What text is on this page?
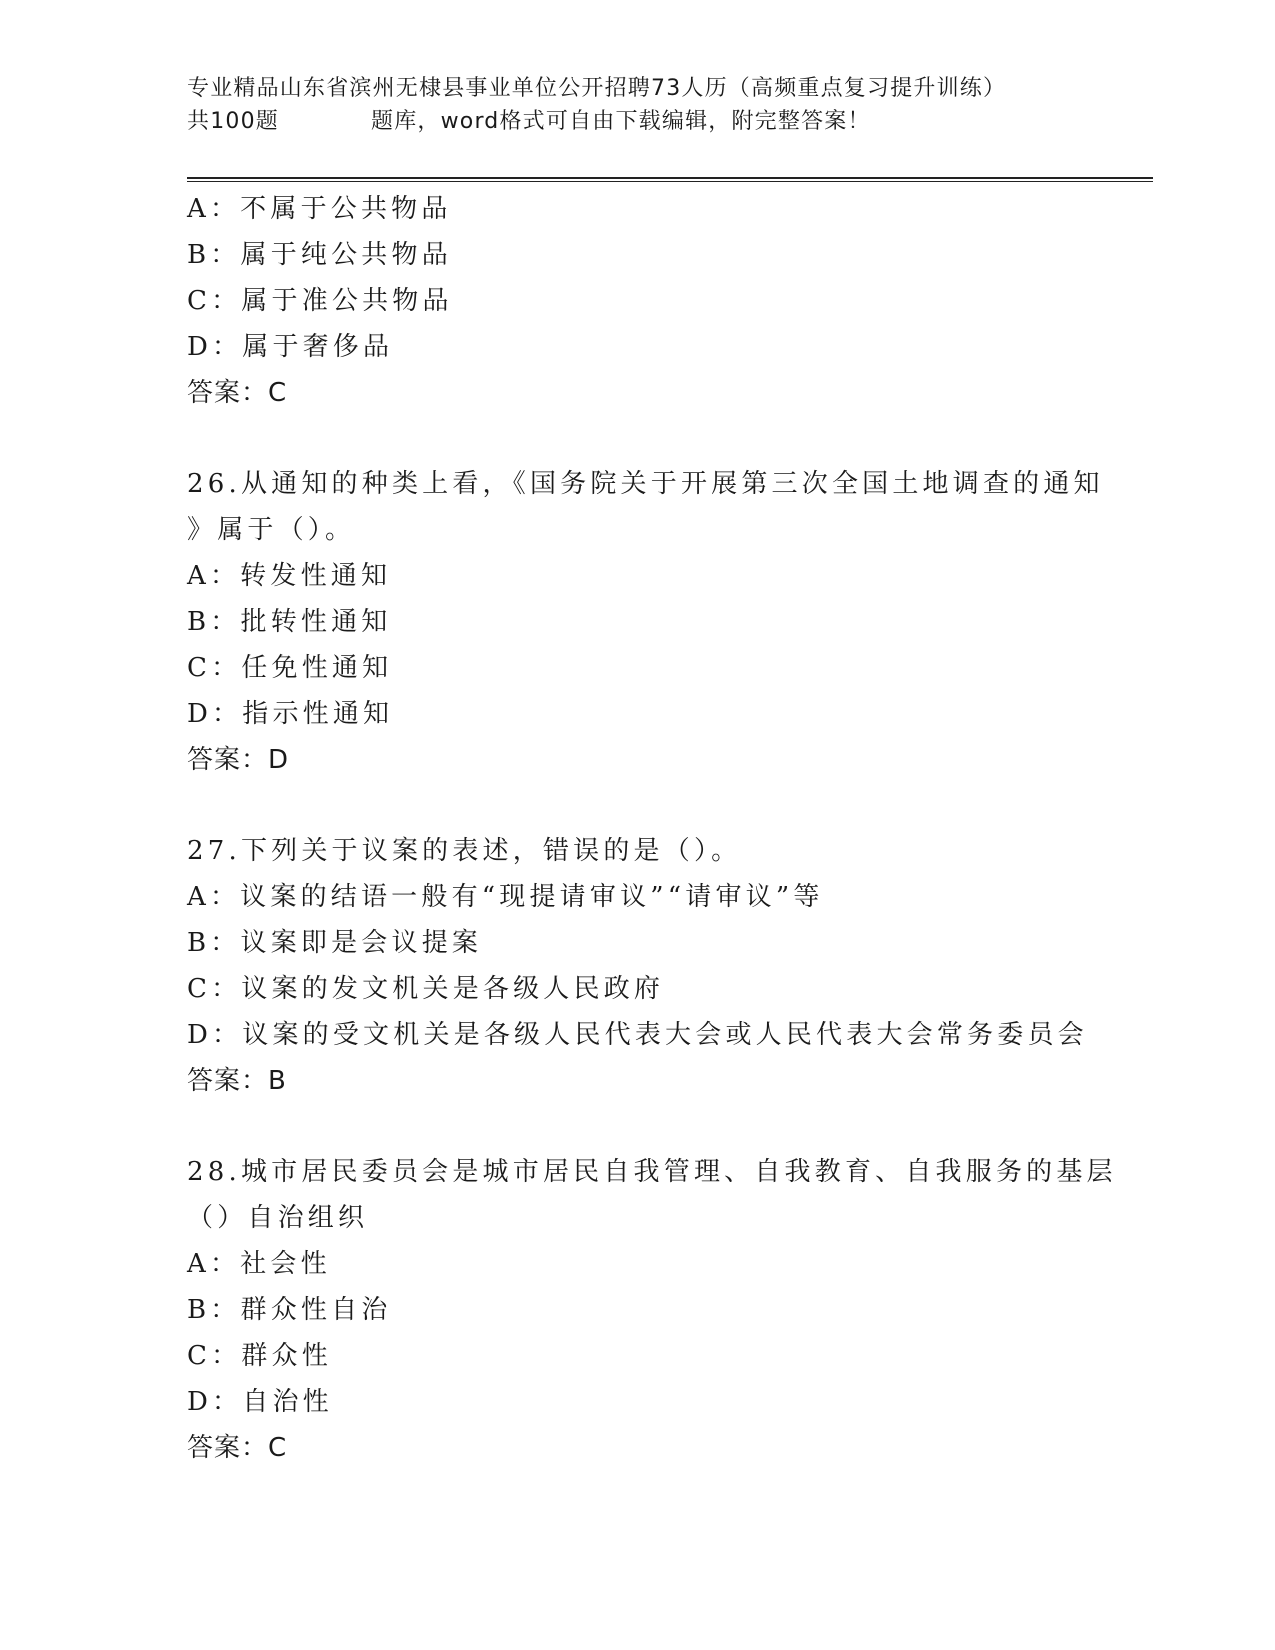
专业精品山东省滨州无棣县事业单位公开招聘73人历（高频重点复习提升训练）
共100题	题库，word格式可自由下载编辑，附完整答案！
A：不属于公共物品
B：属于纯公共物品
C：属于准公共物品
D：属于奢侈品
答案：C
26.从通知的种类上看，《国务院关于开展第三次全国土地调查的通知
》属于（）。
A：转发性通知
B：批转性通知
C：任免性通知
D：指示性通知
答案：D
27.下列关于议案的表述，错误的是（）。
A：议案的结语一般有“现提请审议”“请审议”等
B：议案即是会议提案
C：议案的发文机关是各级人民政府
D：议案的受文机关是各级人民代表大会或人民代表大会常务委员会
答案：B
28.城市居民委员会是城市居民自我管理、自我教育、自我服务的基层
（）自治组织
A：社会性
B：群众性自治
C：群众性
D：自治性
答案：C
